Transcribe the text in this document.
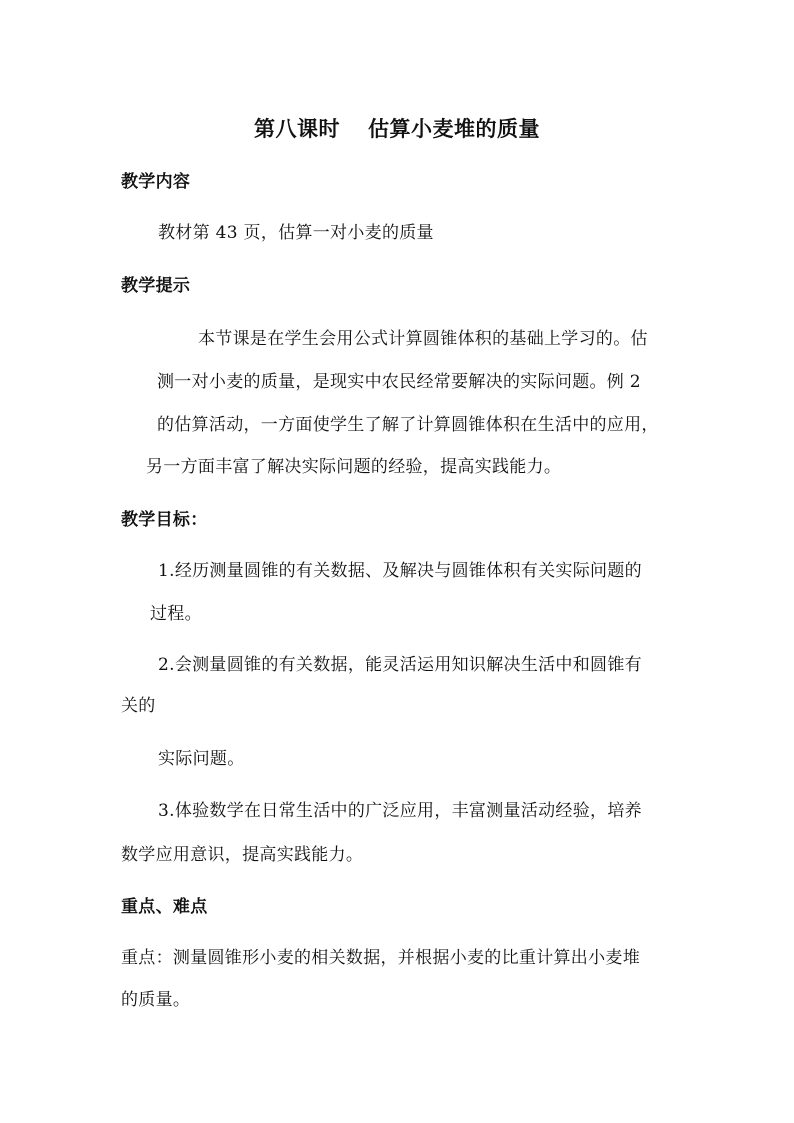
第八课时 估算小麦堆的质量
教学内容
教材第 43 页，估算一对小麦的质量
教学提示
本节课是在学生会用公式计算圆锥体积的基础上学习的。估
测一对小麦的质量，是现实中农民经常要解决的实际问题。例 2
的估算活动，一方面使学生了解了计算圆锥体积在生活中的应用，
另一方面丰富了解决实际问题的经验，提高实践能力。
教学目标：
1.经历测量圆锥的有关数据、及解决与圆锥体积有关实际问题的
过程。
2.会测量圆锥的有关数据，能灵活运用知识解决生活中和圆锥有
关的
实际问题。
3.体验数学在日常生活中的广泛应用，丰富测量活动经验，培养
数学应用意识，提高实践能力。
重点、难点
重点：测量圆锥形小麦的相关数据，并根据小麦的比重计算出小麦堆
的质量。
